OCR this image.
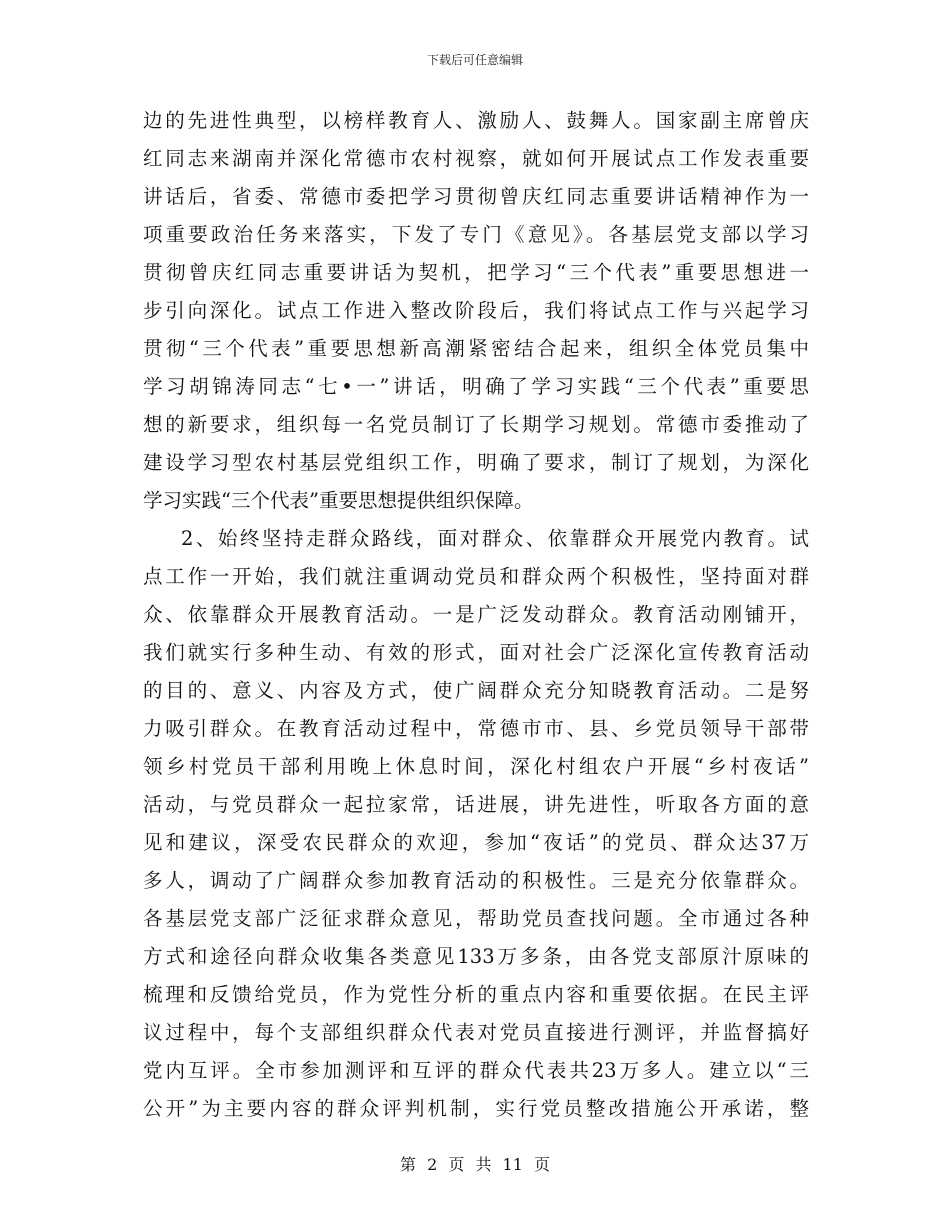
下载后可任意编辑
边的先进性典型，以榜样教育人、激励人、鼓舞人。国家副主席曾庆
红同志来湖南并深化常德市农村视察，就如何开展试点工作发表重要
讲话后，省委、常德市委把学习贯彻曾庆红同志重要讲话精神作为一
项重要政治任务来落实，下发了专门《意见》。各基层党支部以学习
贯彻曾庆红同志重要讲话为契机，把学习“三个代表”重要思想进一
步引向深化。试点工作进入整改阶段后，我们将试点工作与兴起学习
贯彻“三个代表”重要思想新高潮紧密结合起来，组织全体党员集中
学习胡锦涛同志“七•一”讲话，明确了学习实践“三个代表”重要思
想的新要求，组织每一名党员制订了长期学习规划。常德市委推动了
建设学习型农村基层党组织工作，明确了要求，制订了规划，为深化
学习实践“三个代表”重要思想提供组织保障。
2、始终坚持走群众路线，面对群众、依靠群众开展党内教育。试
点工作一开始，我们就注重调动党员和群众两个积极性，坚持面对群
众、依靠群众开展教育活动。一是广泛发动群众。教育活动刚铺开，
我们就实行多种生动、有效的形式，面对社会广泛深化宣传教育活动
的目的、意义、内容及方式，使广阔群众充分知晓教育活动。二是努
力吸引群众。在教育活动过程中，常德市市、县、乡党员领导干部带
领乡村党员干部利用晚上休息时间，深化村组农户开展“乡村夜话”
活动，与党员群众一起拉家常，话进展，讲先进性，听取各方面的意
见和建议，深受农民群众的欢迎，参加“夜话”的党员、群众达37万
多人，调动了广阔群众参加教育活动的积极性。三是充分依靠群众。
各基层党支部广泛征求群众意见，帮助党员查找问题。全市通过各种
方式和途径向群众收集各类意见133万多条，由各党支部原汁原味的
梳理和反馈给党员，作为党性分析的重点内容和重要依据。在民主评
议过程中，每个支部组织群众代表对党员直接进行测评，并监督搞好
党内互评。全市参加测评和互评的群众代表共23万多人。建立以“三
公开”为主要内容的群众评判机制，实行党员整改措施公开承诺，整
第 2 页 共 11 页
